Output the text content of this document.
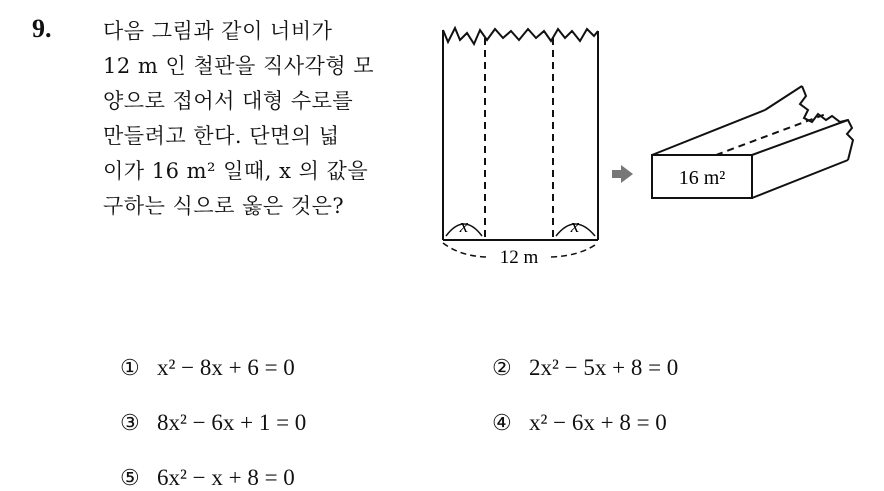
9. 다음 그림과 같이 너비가
12 m 인 철판을 직사각형 모
양으로 접어서 대형 수로를
만들려고 한다. 단면의 넓
이가 16 m² 일때, x 의 값을
구하는 식으로 옳은 것은?
x	x
12 m
16 m²
① x² − 8x + 6 = 0	② 2x² − 5x + 8 = 0
③ 8x² − 6x + 1 = 0	④ x² − 6x + 8 = 0
⑤ 6x² − x + 8 = 0
